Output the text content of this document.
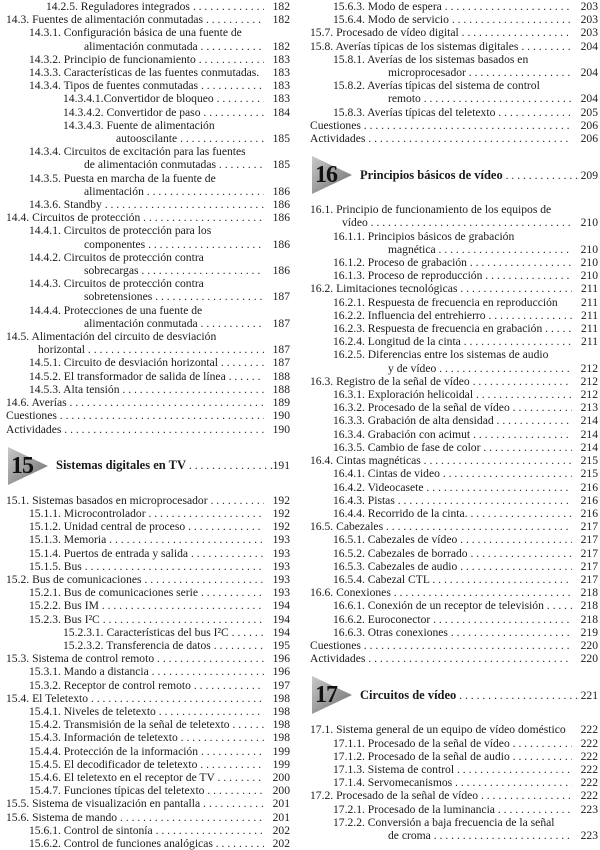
14.2.5. Reguladores integrados . . .	182
14.3. Fuentes de alimentación conmutadas . . .	182
14.3.1. Configuración básica de una fuente de
alimentación conmutada . . .	182
14.3.2. Principio de funcionamiento . . .	183
14.3.3. Características de las fuentes conmutadas.	183
14.3.4. Tipos de fuentes conmutadas . . .	183
14.3.4.1.Convertidor de bloqueo . . .	183
14.3.4.2. Convertidor de paso . . .	184
14.3.4.3. Fuente de alimentación
autooscilante . . .	185
14.3.4. Circuitos de excitación para las fuentes
de alimentación conmutadas . . .	185
14.3.5. Puesta en marcha de la fuente de
alimentación . . .	186
14.3.6. Standby . . .	186
14.4. Circuitos de protección . . .	186
14.4.1. Circuitos de protección para los
componentes . . .	186
14.4.2. Circuitos de protección contra
sobrecargas . . .	186
14.4.3. Circuitos de protección contra
sobretensiones . . .	187
14.4.4. Protecciones de una fuente de
alimentación conmutada . . .	187
14.5. Alimentación del circuito de desviación
horizontal . . .	187
14.5.1. Circuito de desviación horizontal . . .	187
14.5.2. El transformador de salida de línea . . .	188
14.5.3. Alta tensión . . .	188
14.6. Averías . . .	189
Cuestiones . . .	190
Actividades . . .	190
15	Sistemas digitales en TV . . .	191
15.1. Sistemas basados en microprocesador . . .	192
15.1.1. Microcontrolador . . .	192
15.1.2. Unidad central de proceso . . .	192
15.1.3. Memoria . . .	193
15.1.4. Puertos de entrada y salida . . .	193
15.1.5. Bus . . .	193
15.2. Bus de comunicaciones . . .	193
15.2.1. Bus de comunicaciones serie . . .	193
15.2.2. Bus IM . . .	194
15.2.3. Bus I²C . . .	194
15.2.3.1. Características del bus I²C . . .	194
15.2.3.2. Transferencia de datos . . .	195
15.3. Sistema de control remoto . . .	196
15.3.1. Mando a distancia . . .	196
15.3.2. Receptor de control remoto . . .	197
15.4. El Teletexto . . .	198
15.4.1. Niveles de teletexto . . .	198
15.4.2. Transmisión de la señal de teletexto . . .	198
15.4.3. Información de teletexto . . .	198
15.4.4. Protección de la información . . .	199
15.4.5. El decodificador de teletexto . . .	199
15.4.6. El teletexto en el receptor de TV . . .	200
15.4.7. Funciones típicas del teletexto . . .	200
15.5. Sistema de visualización en pantalla . . .	201
15.6. Sistema de mando . . .	201
15.6.1. Control de sintonía . . .	202
15.6.2. Control de funciones analógicas . . .	202
15.6.3. Modo de espera . . .	203
15.6.4. Modo de servicio . . .	203
15.7. Procesado de vídeo digital . . .	203
15.8. Averías típicas de los sistemas digitales . . .	204
15.8.1. Averías de los sistemas basados en
microprocesador . . .	204
15.8.2. Averías típicas del sistema de control
remoto . . .	204
15.8.3. Averías típicas del teletexto . . .	205
Cuestiones . . .	206
Actividades . . .	206
16	Principios básicos de vídeo . . .	209
16.1. Principio de funcionamiento de los equipos de
vídeo . . .	210
16.1.1. Principios básicos de grabación
magnética . . .	210
16.1.2. Proceso de grabación . . .	210
16.1.3. Proceso de reproducción . . .	210
16.2. Limitaciones tecnológicas . . .	211
16.2.1. Respuesta de frecuencia en reproducción	211
16.2.2. Influencia del entrehierro . . .	211
16.2.3. Respuesta de frecuencia en grabación . . .	211
16.2.4. Longitud de la cinta . . .	211
16.2.5. Diferencias entre los sistemas de audio
y de vídeo . . .	212
16.3. Registro de la señal de vídeo . . .	212
16.3.1. Exploración helicoidal . . .	212
16.3.2. Procesado de la señal de vídeo . . .	213
16.3.3. Grabación de alta densidad . . .	214
16.3.4. Grabación con acimut . . .	214
16.3.5. Cambio de fase de color . . .	214
16.4. Cintas magnéticas . . .	215
16.4.1. Cintas de video . . .	215
16.4.2. Videocasete . . .	216
16.4.3. Pistas . . .	216
16.4.4. Recorrido de la cinta. . . .	216
16.5. Cabezales . . .	217
16.5.1. Cabezales de vídeo . . .	217
16.5.2. Cabezales de borrado . . .	217
16.5.3. Cabezales de audio . . .	217
16.5.4. Cabezal CTL . . .	217
16.6. Conexiones . . .	218
16.6.1. Conexión de un receptor de televisión . . .	218
16.6.2. Euroconector . . .	218
16.6.3. Otras conexiones . . .	219
Cuestiones . . .	220
Actividades . . .	220
17	Circuitos de vídeo . . .	221
17.1. Sistema general de un equipo de vídeo doméstico	222
17.1.1. Procesado de la señal de vídeo . . .	222
17.1.2. Procesado de la señal de audio . . .	222
17.1.3. Sistema de control . . .	222
17.1.4. Servomecanismos . . .	222
17.2. Procesado de la señal de vídeo . . .	222
17.2.1. Procesado de la luminancia . . .	223
17.2.2. Conversión a baja frecuencia de la señal
de croma . . .	223
